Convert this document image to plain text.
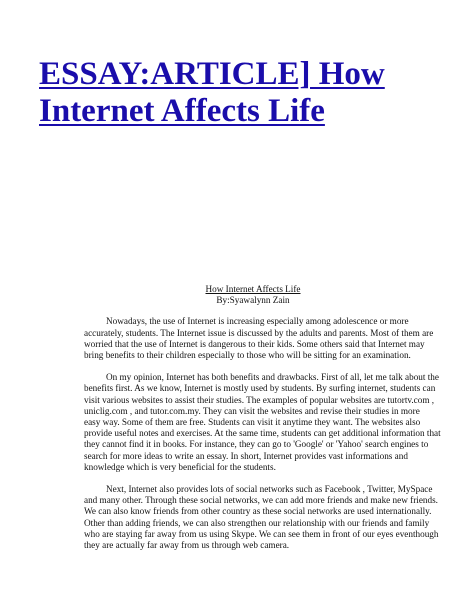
ESSAY:ARTICLE] How
Internet Affects Life
How Internet Affects Life
By:Syawalynn Zain

Nowadays, the use of Internet is increasing especially among adolescence or more
accurately, students. The Internet issue is discussed by the adults and parents. Most of them are
worried that the use of Internet is dangerous to their kids. Some others said that Internet may
bring benefits to their children especially to those who will be sitting for an examination.

On my opinion, Internet has both benefits and drawbacks. First of all, let me talk about the
benefits first. As we know, Internet is mostly used by students. By surfing internet, students can
visit various websites to assist their studies. The examples of popular websites are tutortv.com ,
uniclig.com , and tutor.com.my. They can visit the websites and revise their studies in more
easy way. Some of them are free. Students can visit it anytime they want. The websites also
provide useful notes and exercises. At the same time, students can get additional information that
they cannot find it in books. For instance, they can go to 'Google' or 'Yahoo' search engines to
search for more ideas to write an essay. In short, Internet provides vast informations and
knowledge which is very beneficial for the students.

Next, Internet also provides lots of social networks such as Facebook , Twitter, MySpace
and many other. Through these social networks, we can add more friends and make new friends.
We can also know friends from other country as these social networks are used internationally.
Other than adding friends, we can also strengthen our relationship with our friends and family
who are staying far away from us using Skype. We can see them in front of our eyes eventhough
they are actually far away from us through web camera.
